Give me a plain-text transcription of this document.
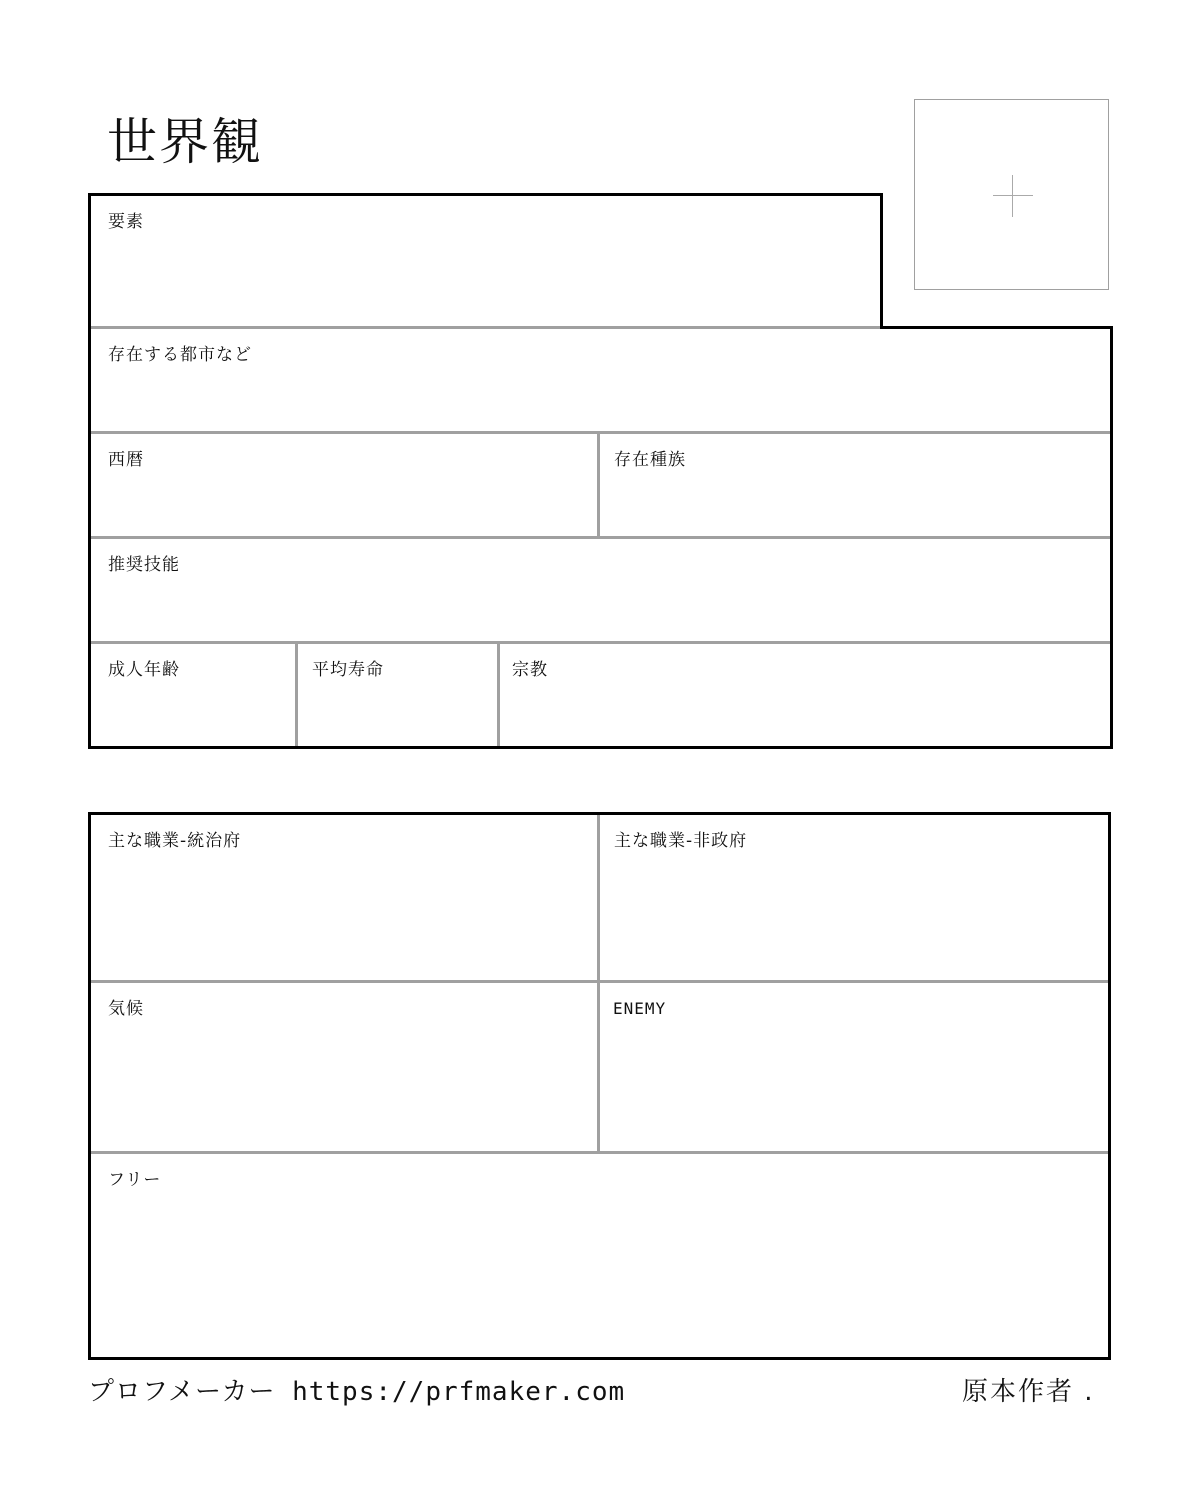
世界観
要素
存在する都市など
西暦	存在種族
推奨技能
成人年齢	平均寿命	宗教
主な職業-統治府	主な職業-非政府
気候	ENEMY
フリー
プロフメーカー https://prfmaker.com	原本作者 .
